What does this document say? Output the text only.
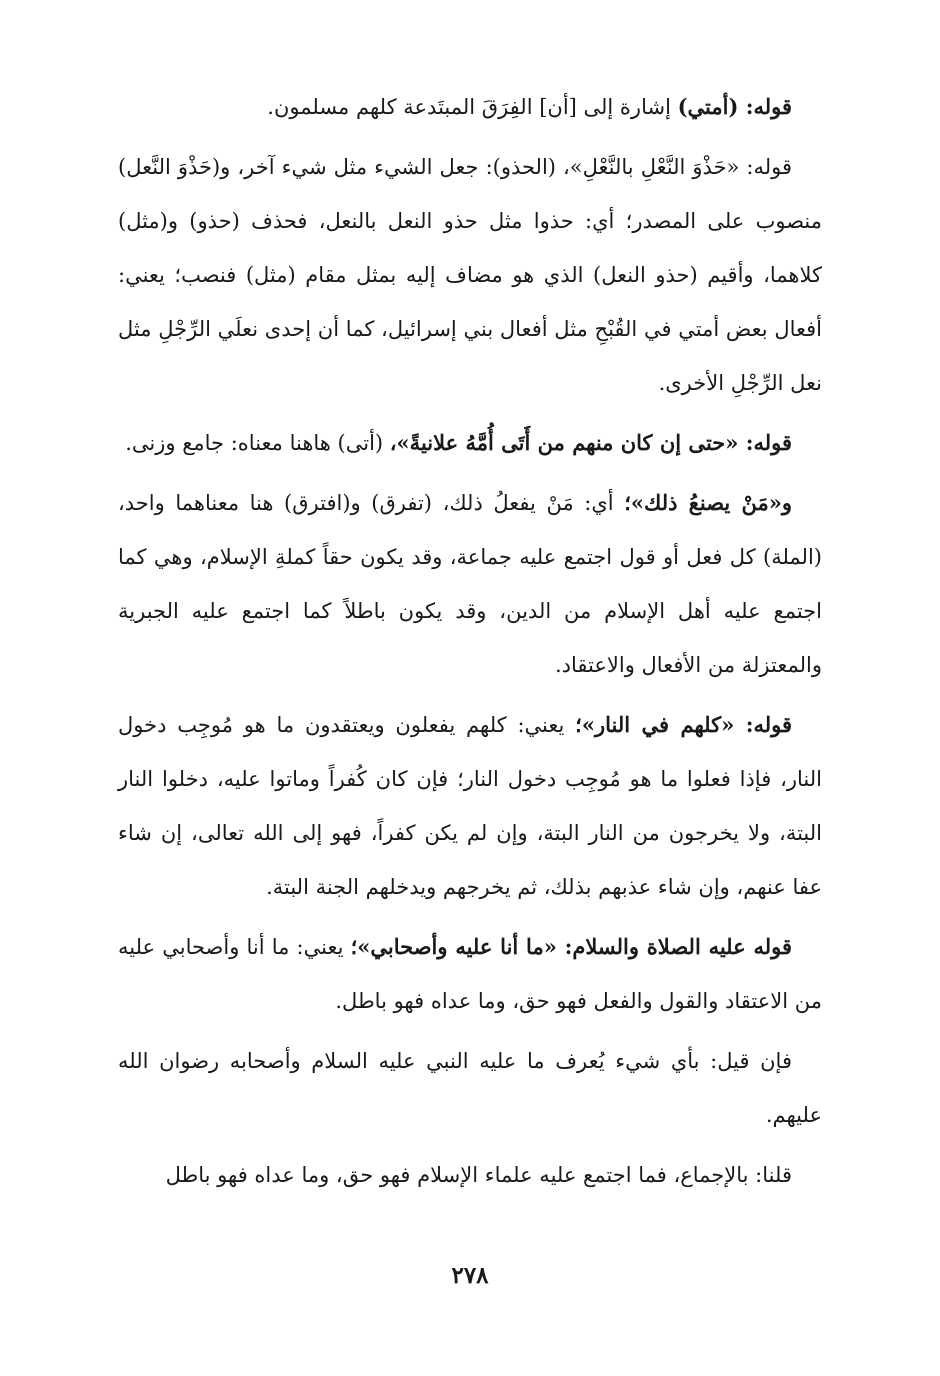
قوله: (أمتي) إشارة إلى [أن] الفِرَقَ المبتَدعة كلهم مسلمون.

قوله: «حَذْوَ النَّعْلِ بالنَّعْلِ»، (الحذو): جعل الشيء مثل شيء آخر، و(حَذْوَ النَّعل) منصوب على المصدر؛ أي: حذوا مثل حذو النعل بالنعل، فحذف (حذو) و(مثل) كلاهما، وأقيم (حذو النعل) الذي هو مضاف إليه بمثل مقام (مثل) فنصب؛ يعني: أفعال بعض أمتي في القُبْحِ مثل أفعال بني إسرائيل، كما أن إحدى نعلَي الرِّجْلِ مثل نعل الرِّجْلِ الأخرى.

قوله: «حتى إن كان منهم من أَتَى أُمَّهُ علانيةً»، (أتى) هاهنا معناه: جامع وزنى.

و«مَنْ يصنعُ ذلك»؛ أي: مَنْ يفعلُ ذلك، (تفرق) و(افترق) هنا معناهما واحد، (الملة) كل فعل أو قول اجتمع عليه جماعة، وقد يكون حقاً كملةِ الإسلام، وهي كما اجتمع عليه أهل الإسلام من الدين، وقد يكون باطلاً كما اجتمع عليه الجبرية والمعتزلة من الأفعال والاعتقاد.

قوله: «كلهم في النار»؛ يعني: كلهم يفعلون ويعتقدون ما هو مُوجِب دخول النار، فإذا فعلوا ما هو مُوجِب دخول النار؛ فإن كان كُفراً وماتوا عليه، دخلوا النار البتة، ولا يخرجون من النار البتة، وإن لم يكن كفراً، فهو إلى الله تعالى، إن شاء عفا عنهم، وإن شاء عذبهم بذلك، ثم يخرجهم ويدخلهم الجنة البتة.

قوله عليه الصلاة والسلام: «ما أنا عليه وأصحابي»؛ يعني: ما أنا وأصحابي عليه من الاعتقاد والقول والفعل فهو حق، وما عداه فهو باطل.

فإن قيل: بأي شيء يُعرف ما عليه النبي عليه السلام وأصحابه رضوان الله عليهم.

قلنا: بالإجماع، فما اجتمع عليه علماء الإسلام فهو حق، وما عداه فهو باطل

٢٧٨
